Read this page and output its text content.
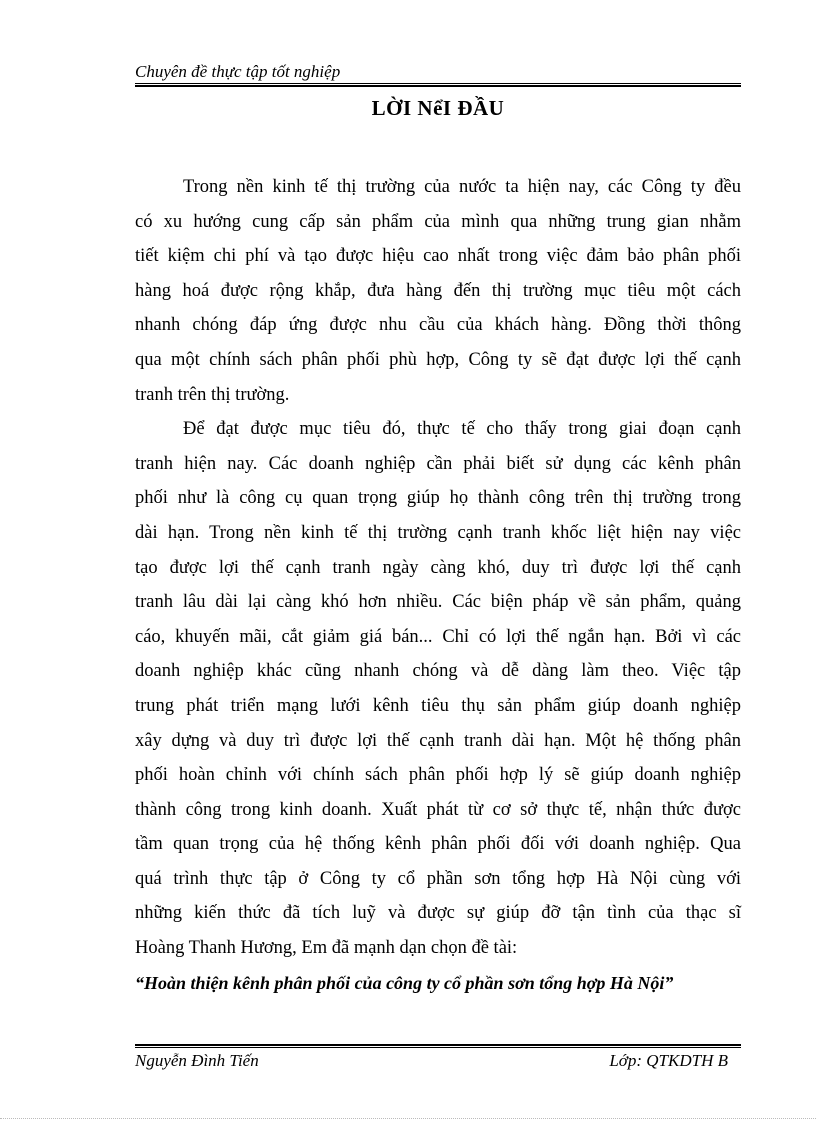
Chuyên đề thực tập tốt nghiệp
LỜI NểI ĐẦU
Trong nền kinh tế thị trường của nước ta hiện nay, các Công ty đều
có xu hướng cung cấp sản phẩm của mình qua những trung gian nhằm
tiết kiệm chi phí và tạo được hiệu cao nhất trong việc đảm bảo phân phối
hàng hoá được rộng khắp, đưa hàng đến thị trường mục tiêu một cách
nhanh chóng đáp ứng được nhu cầu của khách hàng. Đồng thời thông
qua một chính sách phân phối phù hợp, Công ty sẽ đạt được lợi thế cạnh
tranh trên thị trường.
Để đạt được mục tiêu đó, thực tế cho thấy trong giai đoạn cạnh
tranh hiện nay. Các doanh nghiệp cần phải biết sử dụng các kênh phân
phối như là công cụ quan trọng giúp họ thành công trên thị trường trong
dài hạn. Trong nền kinh tế thị trường cạnh tranh khốc liệt hiện nay việc
tạo được lợi thế cạnh tranh ngày càng khó, duy trì được lợi thế cạnh
tranh lâu dài lại càng khó hơn nhiều. Các biện pháp về sản phẩm, quảng
cáo, khuyến mãi, cắt giảm giá bán... Chỉ có lợi thế ngắn hạn. Bởi vì các
doanh nghiệp khác cũng nhanh chóng và dễ dàng làm theo. Việc tập
trung phát triển mạng lưới kênh tiêu thụ sản phẩm giúp doanh nghiệp
xây dựng và duy trì được lợi thế cạnh tranh dài hạn. Một hệ thống phân
phối hoàn chỉnh với chính sách phân phối hợp lý sẽ giúp doanh nghiệp
thành công trong kinh doanh. Xuất phát từ cơ sở thực tế, nhận thức được
tầm quan trọng của hệ thống kênh phân phối đối với doanh nghiệp. Qua
quá trình thực tập ở Công ty cổ phần sơn tổng hợp Hà Nội cùng với
những kiến thức đã tích luỹ và được sự giúp đỡ tận tình của thạc sĩ
Hoàng Thanh Hương, Em đã mạnh dạn chọn đề tài:
“Hoàn thiện kênh phân phối của công ty cổ phần sơn tổng hợp Hà Nội”
Nguyễn Đình Tiến	Lớp: QTKDTH B
